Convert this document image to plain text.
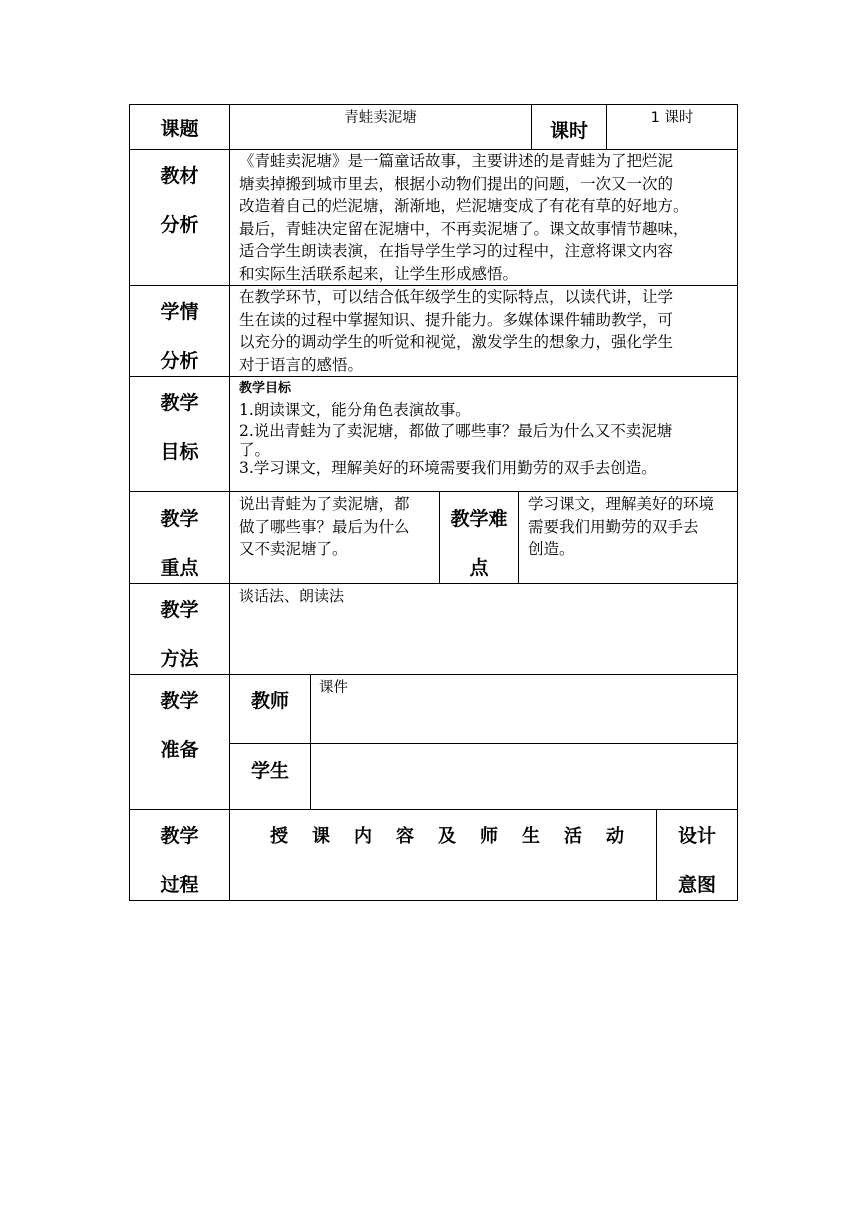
课题	青蛙卖泥塘
课时
1 课时
教材
分析
《青蛙卖泥塘》是一篇童话故事，主要讲述的是青蛙为了把烂泥
塘卖掉搬到城市里去，根据小动物们提出的问题，一次又一次的
改造着自己的烂泥塘，渐渐地，烂泥塘变成了有花有草的好地方。
最后，青蛙决定留在泥塘中，不再卖泥塘了。课文故事情节趣味，
适合学生朗读表演，在指导学生学习的过程中，注意将课文内容
和实际生活联系起来，让学生形成感悟。
学情
分析
在教学环节，可以结合低年级学生的实际特点，以读代讲，让学
生在读的过程中掌握知识、提升能力。多媒体课件辅助教学，可
以充分的调动学生的听觉和视觉，激发学生的想象力，强化学生
对于语言的感悟。
教学
目标
教学目标
1.朗读课文，能分角色表演故事。
2.说出青蛙为了卖泥塘，都做了哪些事？最后为什么又不卖泥塘
了。
3.学习课文，理解美好的环境需要我们用勤劳的双手去创造。
教学
重点
说出青蛙为了卖泥塘，都
做了哪些事？最后为什么
又不卖泥塘了。
教学难
点
学习课文，理解美好的环境
需要我们用勤劳的双手去
创造。
教学
方法
谈话法、朗读法
教学
准备
教师
课件
学生
教学
过程
授课内容及师生活动	设计
意图
